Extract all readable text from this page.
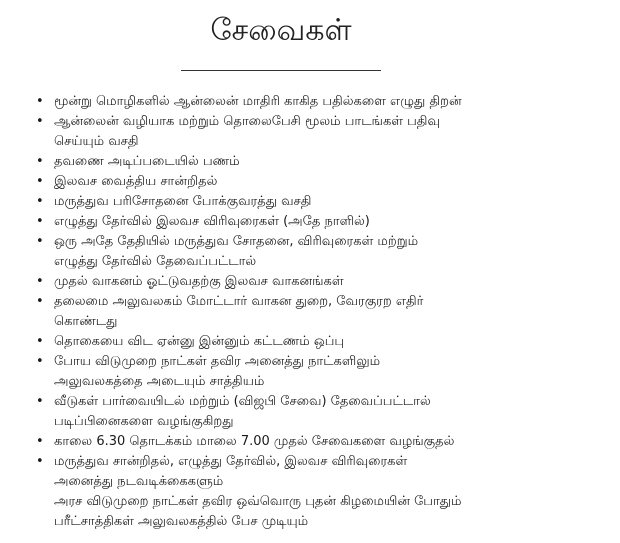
சேவைகள்
• மூன்று மொழிகளில் ஆன்லைன் மாதிரி காகித பதில்களை எழுது திறன்
• ஆன்லைன் வழியாக மற்றும் தொலைபேசி மூலம் பாடங்கள் பதிவு
செய்யும் வசதி
• தவணை அடிப்படையில் பணம்
• இலவச வைத்திய சான்றிதல்
• மருத்துவ பரிசோதனை போக்குவரத்து வசதி
• எழுத்து தேர்வில் இலவச விரிவுரைகள் (அதே நாளில்)
• ஒரு அதே தேதியில் மருத்துவ சோதனை, விரிவுரைகள் மற்றும்
எழுத்து தேர்வில் தேவைப்பட்டால்
• முதல் வாகனம் ஓட்டுவதற்கு இலவச வாகனங்கள்
• தலைமை அலுவலகம் மோட்டார் வாகன துறை, வேரகுரற எதிர்
கொண்டது
• தொகையை விட ஏன்னு இன்னும் கட்டணம் ஒப்பு
• போய விடுமுறை நாட்கள் தவிர அனைத்து நாட்களிலும்
அலுவலகத்தை அடையும் சாத்தியம்
• வீடுகள் பார்வையிடல் மற்றும் (விஜபி சேவை) தேவைப்பட்டால்
படிப்பினைகளை வழங்குகிறது
• காலை 6.30 தொடக்கம் மாலை 7.00 முதல் சேவைகளை வழங்குதல்
• மருத்துவ சான்றிதல், எழுத்து தேர்வில், இலவச விரிவுரைகள்
அனைத்து நடவடிக்கைகளும்
அரச விடுமுறை நாட்கள் தவிர ஒவ்வொரு புதன் கிழமையின் போதும்
பரீட்சாத்திகள் அலுவலகத்தில் பேச முடியும்
